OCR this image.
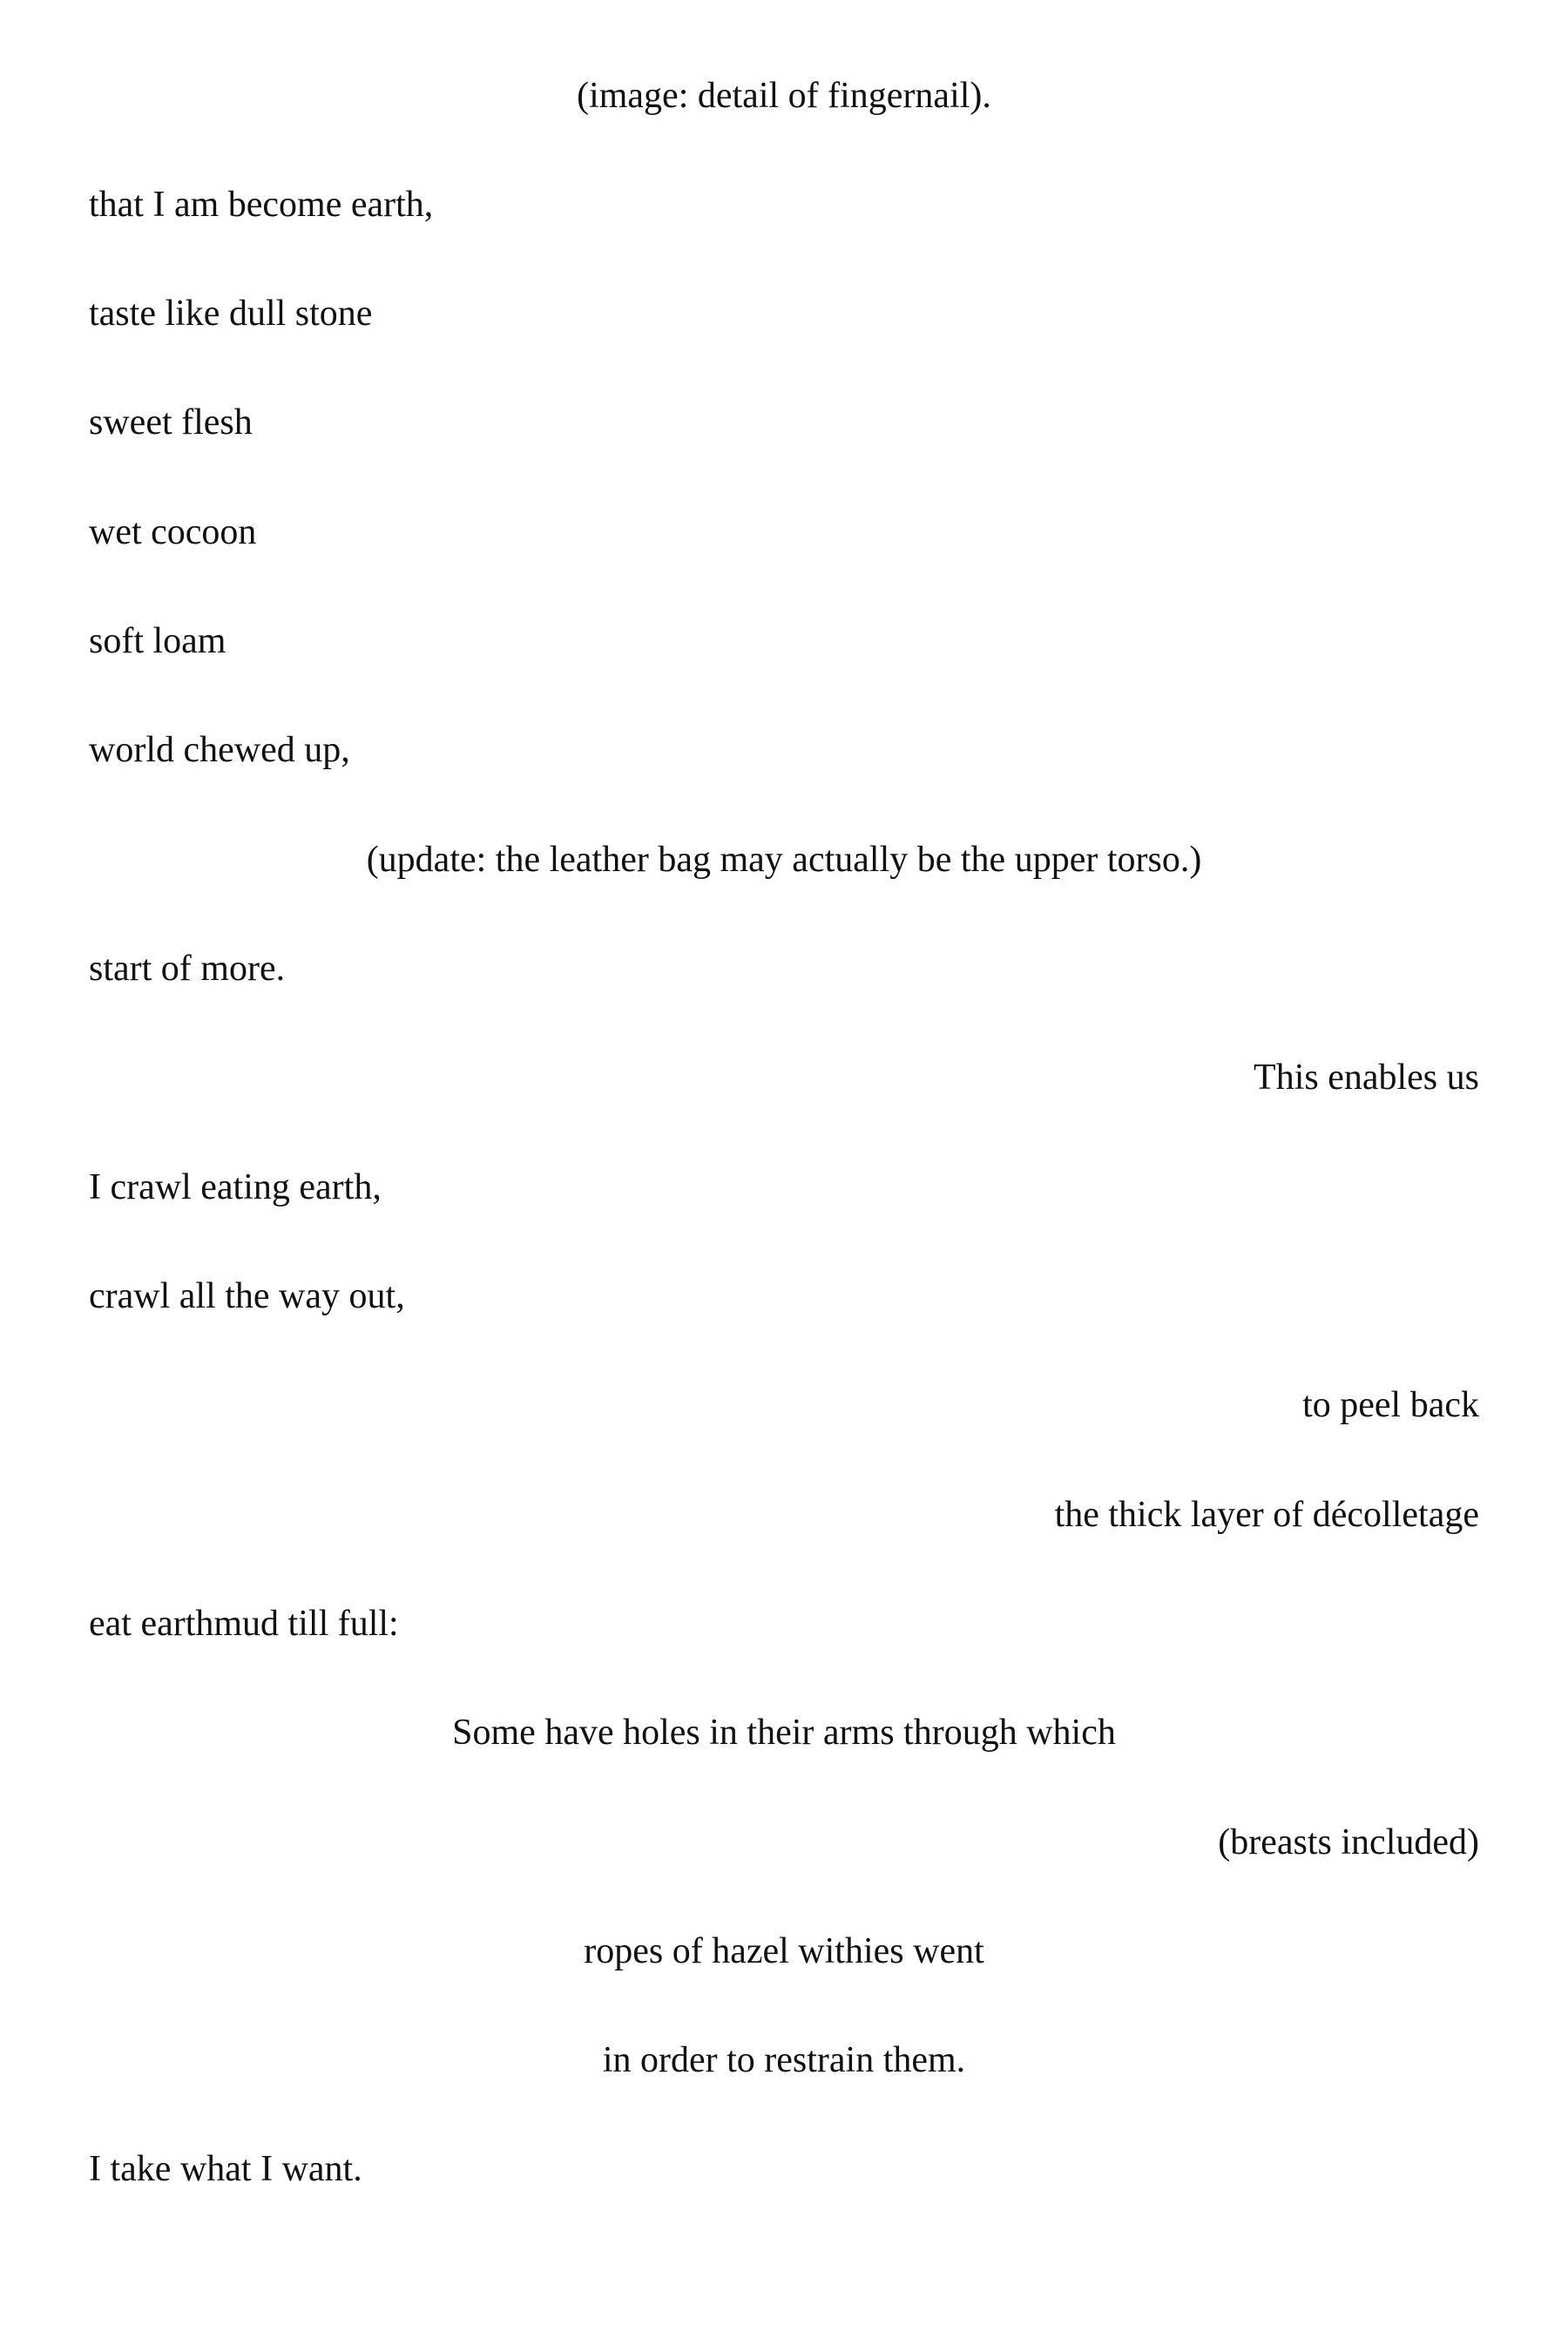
(image: detail of fingernail).

that I am become earth,

taste like dull stone

sweet flesh

wet cocoon

soft loam

world chewed up,

(update: the leather bag may actually be the upper torso.)

start of more.

This enables us

I crawl eating earth,

crawl all the way out,

to peel back

the thick layer of décolletage

eat earthmud till full:

Some have holes in their arms through which

(breasts included)

ropes of hazel withies went

in order to restrain them.

I take what I want.
